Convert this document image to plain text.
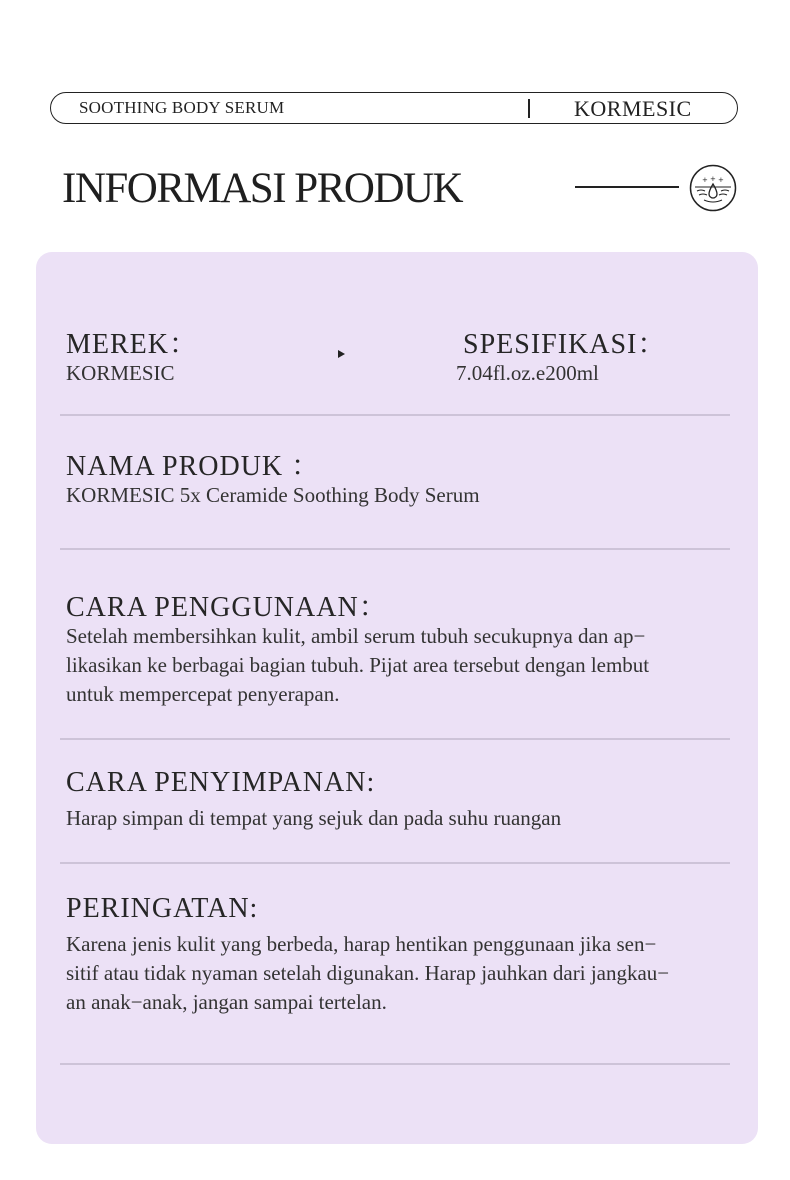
SOOTHING BODY SERUM	KORMESIC
INFORMASI PRODUK	+ + +
MEREK：
KORMESIC
SPESIFIKASI：
7.04fl.oz.e200ml
NAMA PRODUK ：
KORMESIC 5x Ceramide Soothing Body Serum
CARA PENGGUNAAN：
Setelah membersihkan kulit, ambil serum tubuh secukupnya dan ap−
likasikan ke berbagai bagian tubuh. Pijat area tersebut dengan lembut
untuk mempercepat penyerapan.
CARA PENYIMPANAN:
Harap simpan di tempat yang sejuk dan pada suhu ruangan
PERINGATAN:
Karena jenis kulit yang berbeda, harap hentikan penggunaan jika sen−
sitif atau tidak nyaman setelah digunakan. Harap jauhkan dari jangkau−
an anak−anak, jangan sampai tertelan.
